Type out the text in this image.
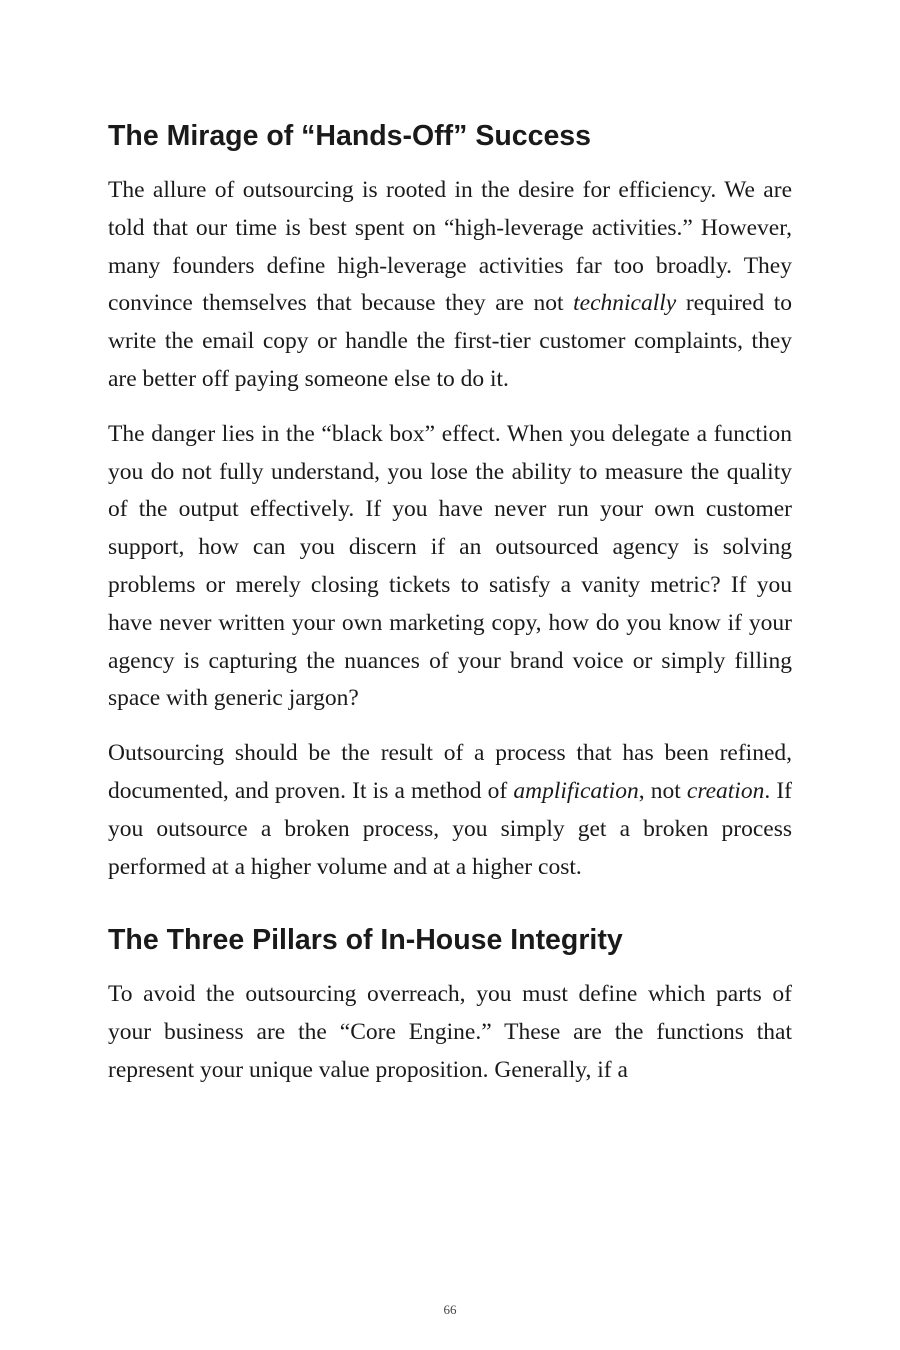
The Mirage of “Hands-Off” Success

The allure of outsourcing is rooted in the desire for efficiency. We are told that our time is best spent on “high-leverage activities.” However, many founders define high-leverage activities far too broadly. They convince themselves that because they are not technically required to write the email copy or handle the first-tier customer complaints, they are better off paying someone else to do it.

The danger lies in the “black box” effect. When you delegate a function you do not fully understand, you lose the ability to measure the quality of the output effectively. If you have never run your own customer support, how can you discern if an outsourced agency is solving problems or merely closing tickets to satisfy a vanity metric? If you have never written your own marketing copy, how do you know if your agency is capturing the nuances of your brand voice or simply filling space with generic jargon?

Outsourcing should be the result of a process that has been refined, documented, and proven. It is a method of amplification, not creation. If you outsource a broken process, you simply get a broken process performed at a higher volume and at a higher cost.

The Three Pillars of In-House Integrity

To avoid the outsourcing overreach, you must define which parts of your business are the “Core Engine.” These are the functions that represent your unique value proposition. Generally, if a

66
